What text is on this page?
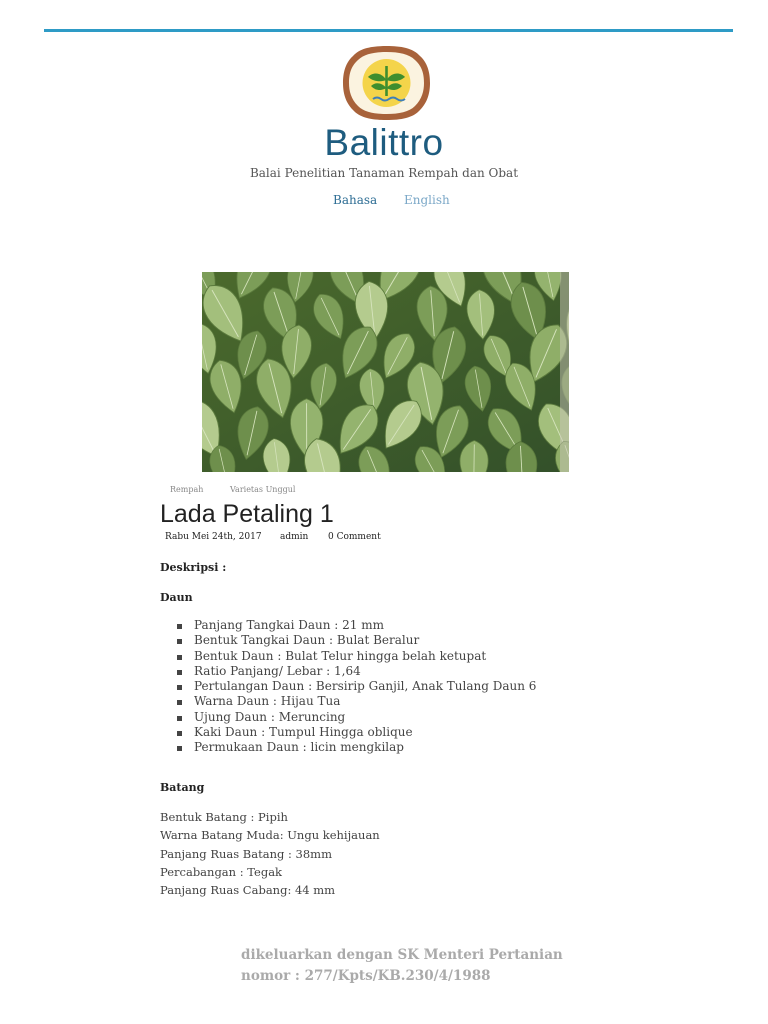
Balittro
Balai Penelitian Tanaman Rempah dan Obat
Bahasa English
Rempah	Varietas Unggul
Lada Petaling 1
Rabu Mei 24th, 2017 admin 0 Comment
Deskripsi :
Daun
Panjang Tangkai Daun : 21 mm
Bentuk Tangkai Daun : Bulat Beralur
Bentuk Daun : Bulat Telur hingga belah ketupat
Ratio Panjang/ Lebar : 1,64
Pertulangan Daun : Bersirip Ganjil, Anak Tulang Daun 6
Warna Daun : Hijau Tua
Ujung Daun : Meruncing
Kaki Daun : Tumpul Hingga oblique
Permukaan Daun : licin mengkilap
Batang
Bentuk Batang : Pipih
Warna Batang Muda: Ungu kehijauan
Panjang Ruas Batang : 38mm
Percabangan : Tegak
Panjang Ruas Cabang: 44 mm
dikeluarkan dengan SK Menteri Pertanian
nomor : 277/Kpts/KB.230/4/1988
